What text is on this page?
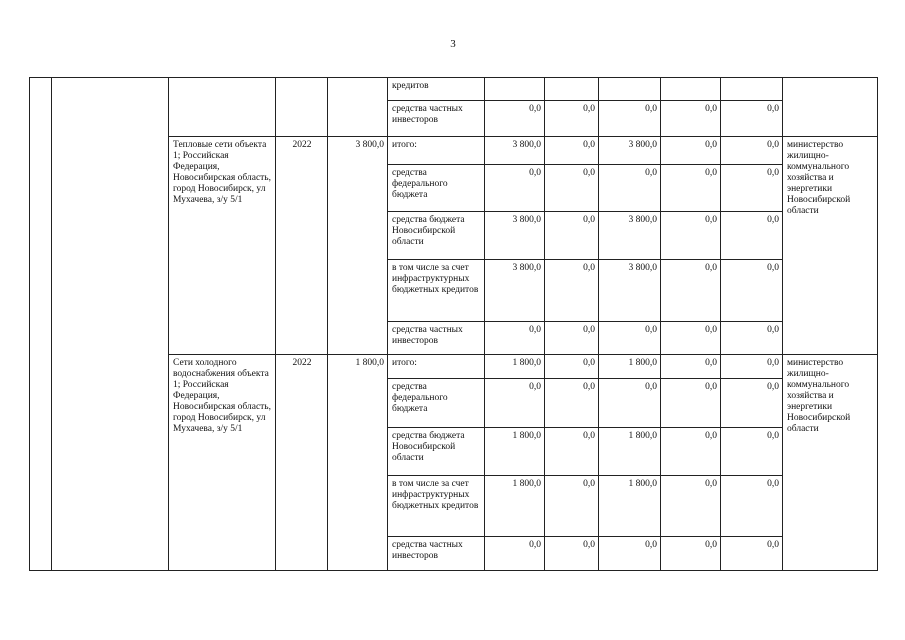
3
					кредитов						
					средства частных инвесторов	0,0	0,0	0,0	0,0	0,0	
		Тепловые сети объекта 1; Российская Федерация, Новосибирская область, город Новосибирск, ул Мухачева, з/у 5/1	2022	3 800,0	итого:	3 800,0	0,0	3 800,0	0,0	0,0	министерство жилищно-коммунального хозяйства и энергетики Новосибирской области
					средства федерального бюджета	0,0	0,0	0,0	0,0	0,0	
					средства бюджета Новосибирской области	3 800,0	0,0	3 800,0	0,0	0,0	
					в том числе за счет инфраструктурных бюджетных кредитов	3 800,0	0,0	3 800,0	0,0	0,0	
					средства частных инвесторов	0,0	0,0	0,0	0,0	0,0	
		Сети холодного водоснабжения объекта 1; Российская Федерация, Новосибирская область, город Новосибирск, ул Мухачева, з/у 5/1	2022	1 800,0	итого:	1 800,0	0,0	1 800,0	0,0	0,0	министерство жилищно-коммунального хозяйства и энергетики Новосибирской области
					средства федерального бюджета	0,0	0,0	0,0	0,0	0,0	
					средства бюджета Новосибирской области	1 800,0	0,0	1 800,0	0,0	0,0	
					в том числе за счет инфраструктурных бюджетных кредитов	1 800,0	0,0	1 800,0	0,0	0,0	
					средства частных инвесторов	0,0	0,0	0,0	0,0	0,0	
